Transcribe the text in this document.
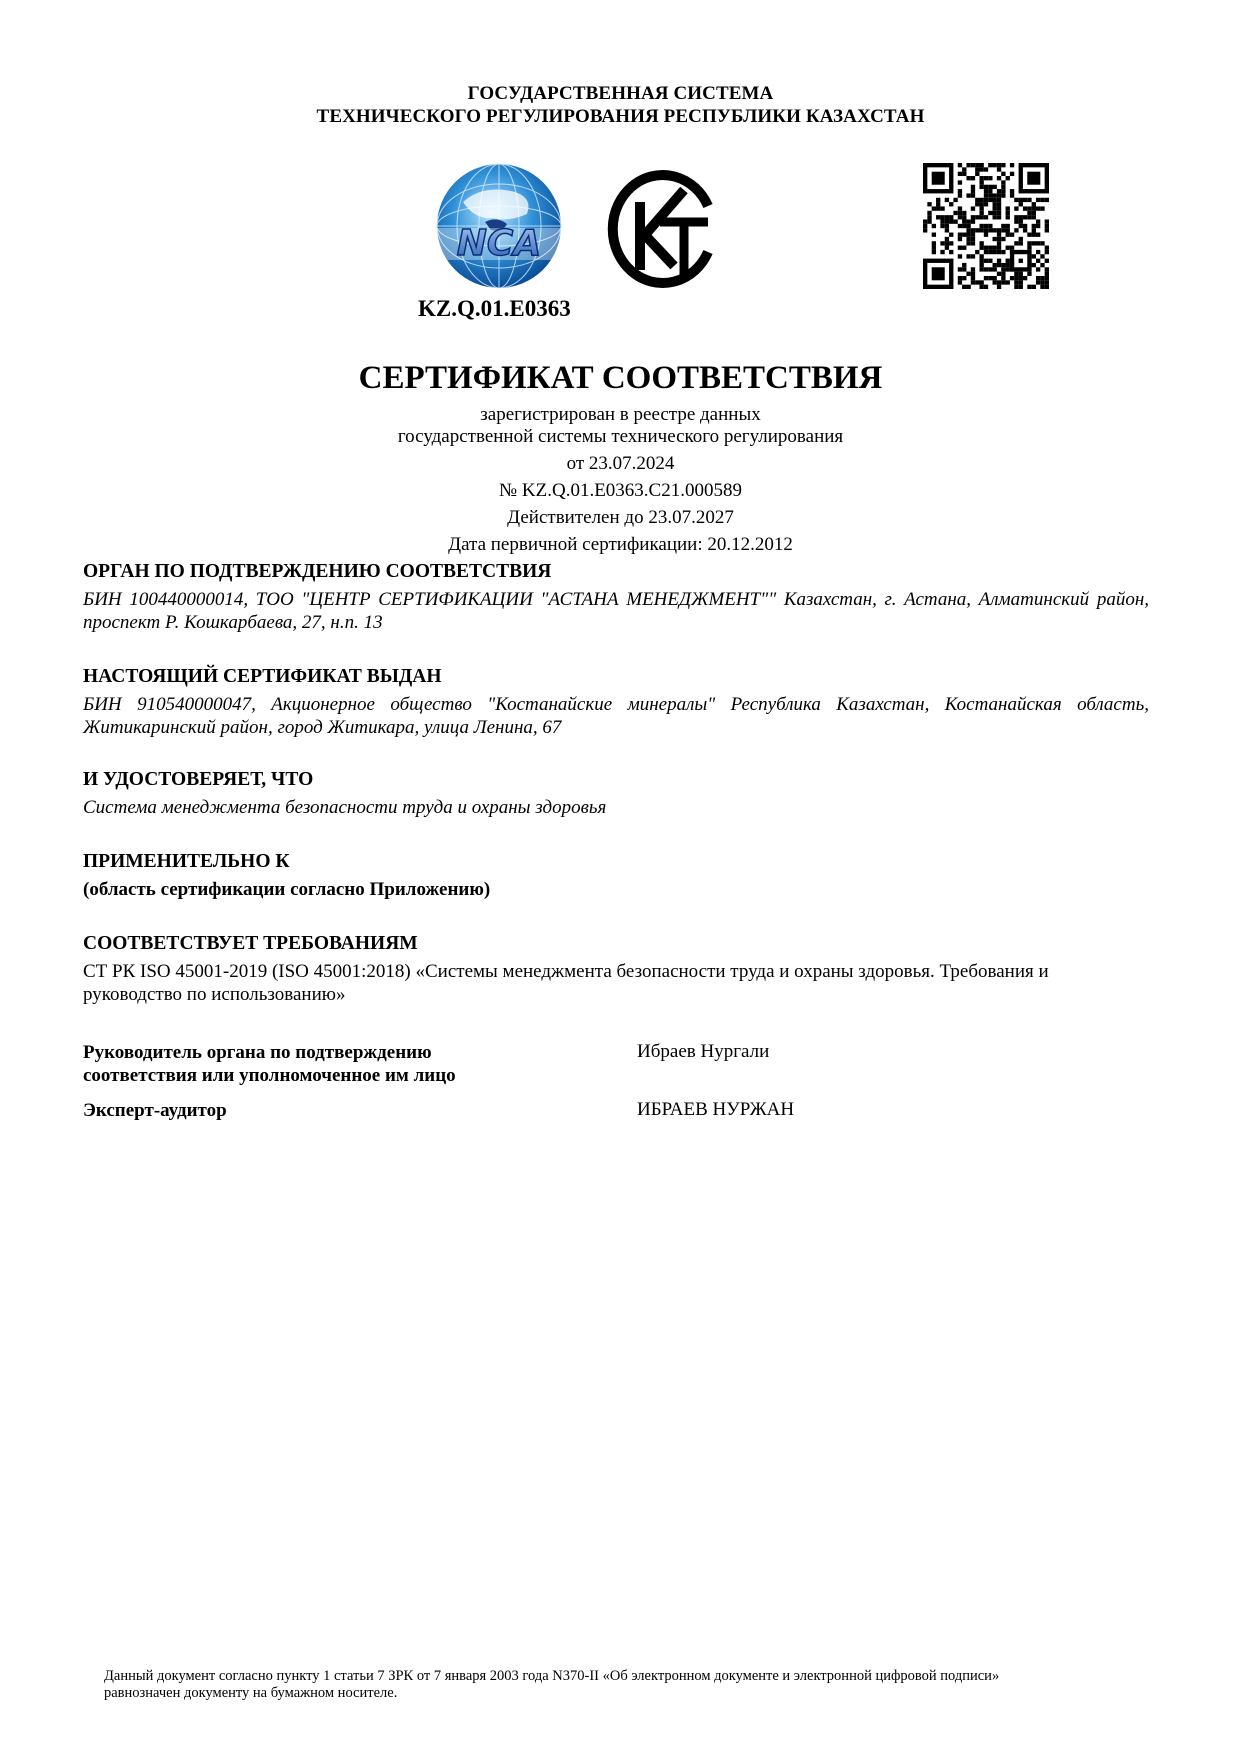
ГОСУДАРСТВЕННАЯ СИСТЕМА
ТЕХНИЧЕСКОГО РЕГУЛИРОВАНИЯ РЕСПУБЛИКИ КАЗАХСТАН
NCA
KZ.Q.01.E0363
СЕРТИФИКАТ СООТВЕТСТВИЯ
зарегистрирован в реестре данных
государственной системы технического регулирования
от 23.07.2024
№ KZ.Q.01.E0363.C21.000589
Действителен до 23.07.2027
Дата первичной сертификации: 20.12.2012
ОРГАН ПО ПОДТВЕРЖДЕНИЮ СООТВЕТСТВИЯ
БИН 100440000014, ТОО "ЦЕНТР СЕРТИФИКАЦИИ "АСТАНА МЕНЕДЖМЕНТ"" Казахстан, г. Астана, Алматинский район, проспект Р. Кошкарбаева, 27, н.п. 13
НАСТОЯЩИЙ СЕРТИФИКАТ ВЫДАН
БИН 910540000047, Акционерное общество "Костанайские минералы" Республика Казахстан, Костанайская область, Житикаринский район, город Житикара, улица Ленина, 67
И УДОСТОВЕРЯЕТ, ЧТО
Система менеджмента безопасности труда и охраны здоровья
ПРИМЕНИТЕЛЬНО К
(область сертификации согласно Приложению)
СООТВЕТСТВУЕТ ТРЕБОВАНИЯМ
СТ РК ISO 45001-2019 (ISO 45001:2018) «Системы менеджмента безопасности труда и охраны здоровья. Требования и руководство по использованию»
Руководитель органа по подтверждению
соответствия или уполномоченное им лицо
Ибраев Нургали
Эксперт-аудитор	ИБРАЕВ НУРЖАН
Данный документ согласно пункту 1 статьи 7 ЗРК от 7 января 2003 года N370-II «Об электронном документе и электронной цифровой подписи»
равнозначен документу на бумажном носителе.
